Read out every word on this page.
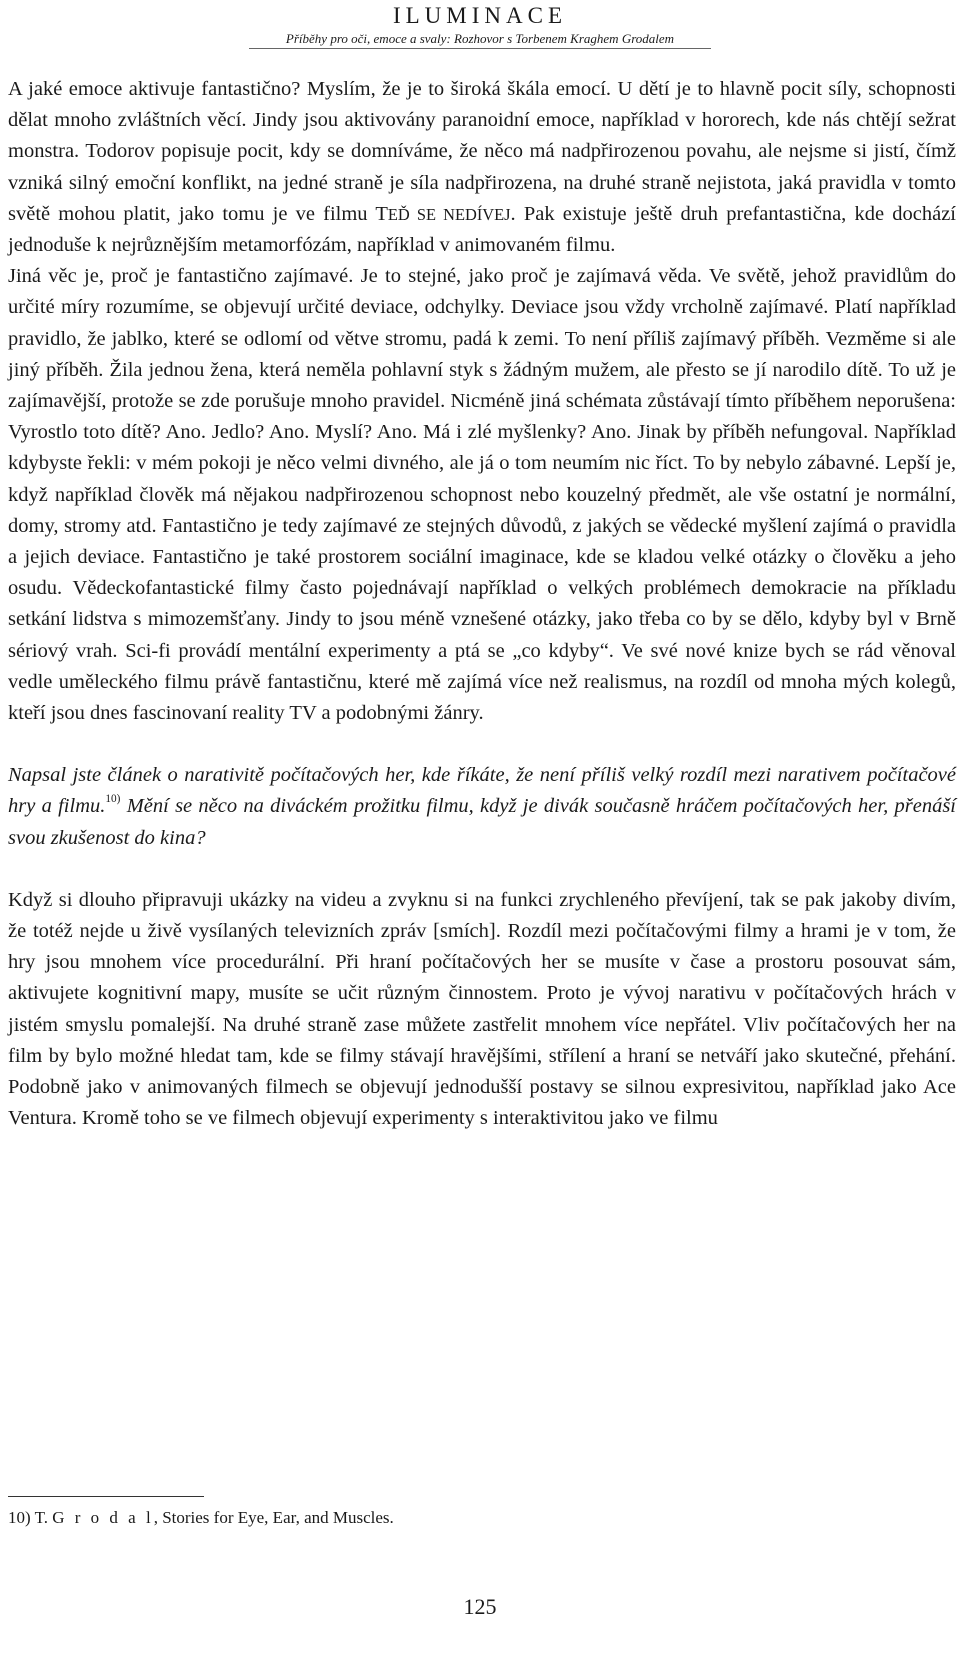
ILUMINACE
Příběhy pro oči, emoce a svaly: Rozhovor s Torbenem Kraghem Grodalem

A jaké emoce aktivuje fantastično? Myslím, že je to široká škála emocí. U dětí je to hlavně pocit síly, schopnosti dělat mnoho zvláštních věcí. Jindy jsou aktivovány paranoidní emoce, například v hororech, kde nás chtějí sežrat monstra. Todorov popisuje pocit, kdy se domníváme, že něco má nadpřirozenou povahu, ale nejsme si jistí, čímž vzniká silný emoční konflikt, na jedné straně je síla nadpřirozena, na druhé straně nejistota, jaká pravidla v tomto světě mohou platit, jako tomu je ve filmu TEĎ SE NEDÍVEJ. Pak existuje ještě druh prefantastična, kde dochází jednoduše k nejrůznějším metamorfózám, například v animovaném filmu.

Jiná věc je, proč je fantastično zajímavé. Je to stejné, jako proč je zajímavá věda. Ve světě, jehož pravidlům do určité míry rozumíme, se objevují určité deviace, odchylky. Deviace jsou vždy vrcholně zajímavé. Platí například pravidlo, že jablko, které se odlomí od větve stromu, padá k zemi. To není příliš zajímavý příběh. Vezměme si ale jiný příběh. Žila jednou žena, která neměla pohlavní styk s žádným mužem, ale přesto se jí narodilo dítě. To už je zajímavější, protože se zde porušuje mnoho pravidel. Nicméně jiná schémata zůstávají tímto příběhem neporušena: Vyrostlo toto dítě? Ano. Jedlo? Ano. Myslí? Ano. Má i zlé myšlenky? Ano. Jinak by příběh nefungoval. Například kdybyste řekli: v mém pokoji je něco velmi divného, ale já o tom neumím nic říct. To by nebylo zábavné. Lepší je, když například člověk má nějakou nadpřirozenou schopnost nebo kouzelný předmět, ale vše ostatní je normální, domy, stromy atd. Fantastično je tedy zajímavé ze stejných důvodů, z jakých se vědecké myšlení zajímá o pravidla a jejich deviace. Fantastično je také prostorem sociální imaginace, kde se kladou velké otázky o člověku a jeho osudu. Vědeckofantastické filmy často pojednávají například o velkých problémech demokracie na příkladu setkání lidstva s mimozemšťany. Jindy to jsou méně vznešené otázky, jako třeba co by se dělo, kdyby byl v Brně sériový vrah. Sci-fi provádí mentální experimenty a ptá se „co kdyby“. Ve své nové knize bych se rád věnoval vedle uměleckého filmu právě fantastičnu, které mě zajímá více než realismus, na rozdíl od mnoha mých kolegů, kteří jsou dnes fascinovaní reality TV a podobnými žánry.

Napsal jste článek o narativitě počítačových her, kde říkáte, že není příliš velký rozdíl mezi narativem počítačové hry a filmu.$^{10)}$ Mění se něco na diváckém prožitku filmu, když je divák současně hráčem počítačových her, přenáší svou zkušenost do kina?

Když si dlouho připravuji ukázky na videu a zvyknu si na funkci zrychleného převíjení, tak se pak jakoby divím, že totéž nejde u živě vysílaných televizních zpráv [smích]. Rozdíl mezi počítačovými filmy a hrami je v tom, že hry jsou mnohem více procedurální. Při hraní počítačových her se musíte v čase a prostoru posouvat sám, aktivujete kognitivní mapy, musíte se učit různým činnostem. Proto je vývoj narativu v počítačových hrách v jistém smyslu pomalejší. Na druhé straně zase můžete zastřelit mnohem více nepřátel. Vliv počítačových her na film by bylo možné hledat tam, kde se filmy stávají hravějšími, střílení a hraní se netváří jako skutečné, přehání. Podobně jako v animovaných filmech se objevují jednodušší postavy se silnou expresivitou, například jako Ace Ventura. Kromě toho se ve filmech objevují experimenty s interaktivitou jako ve filmu

10) T. G r o d a l, Stories for Eye, Ear, and Muscles.
125
